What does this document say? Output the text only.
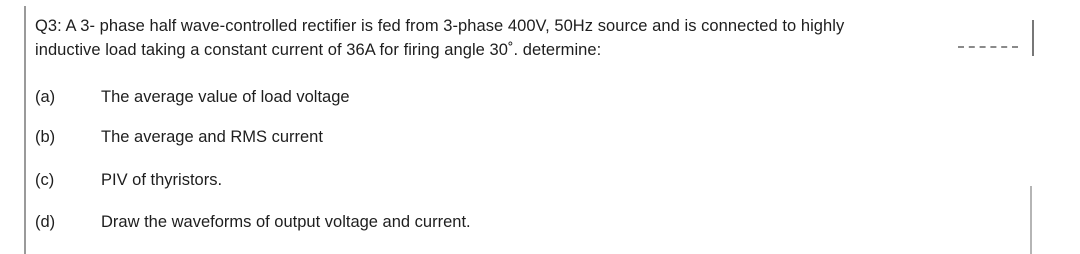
Q3: A 3- phase half wave-controlled rectifier is fed from 3-phase 400V, 50Hz source and is connected to highly
inductive load taking a constant current of 36A for firing angle 30˚. determine:
(a)	The average value of load voltage
(b)	The average and RMS current
(c)	PIV of thyristors.
(d)	Draw the waveforms of output voltage and current.
